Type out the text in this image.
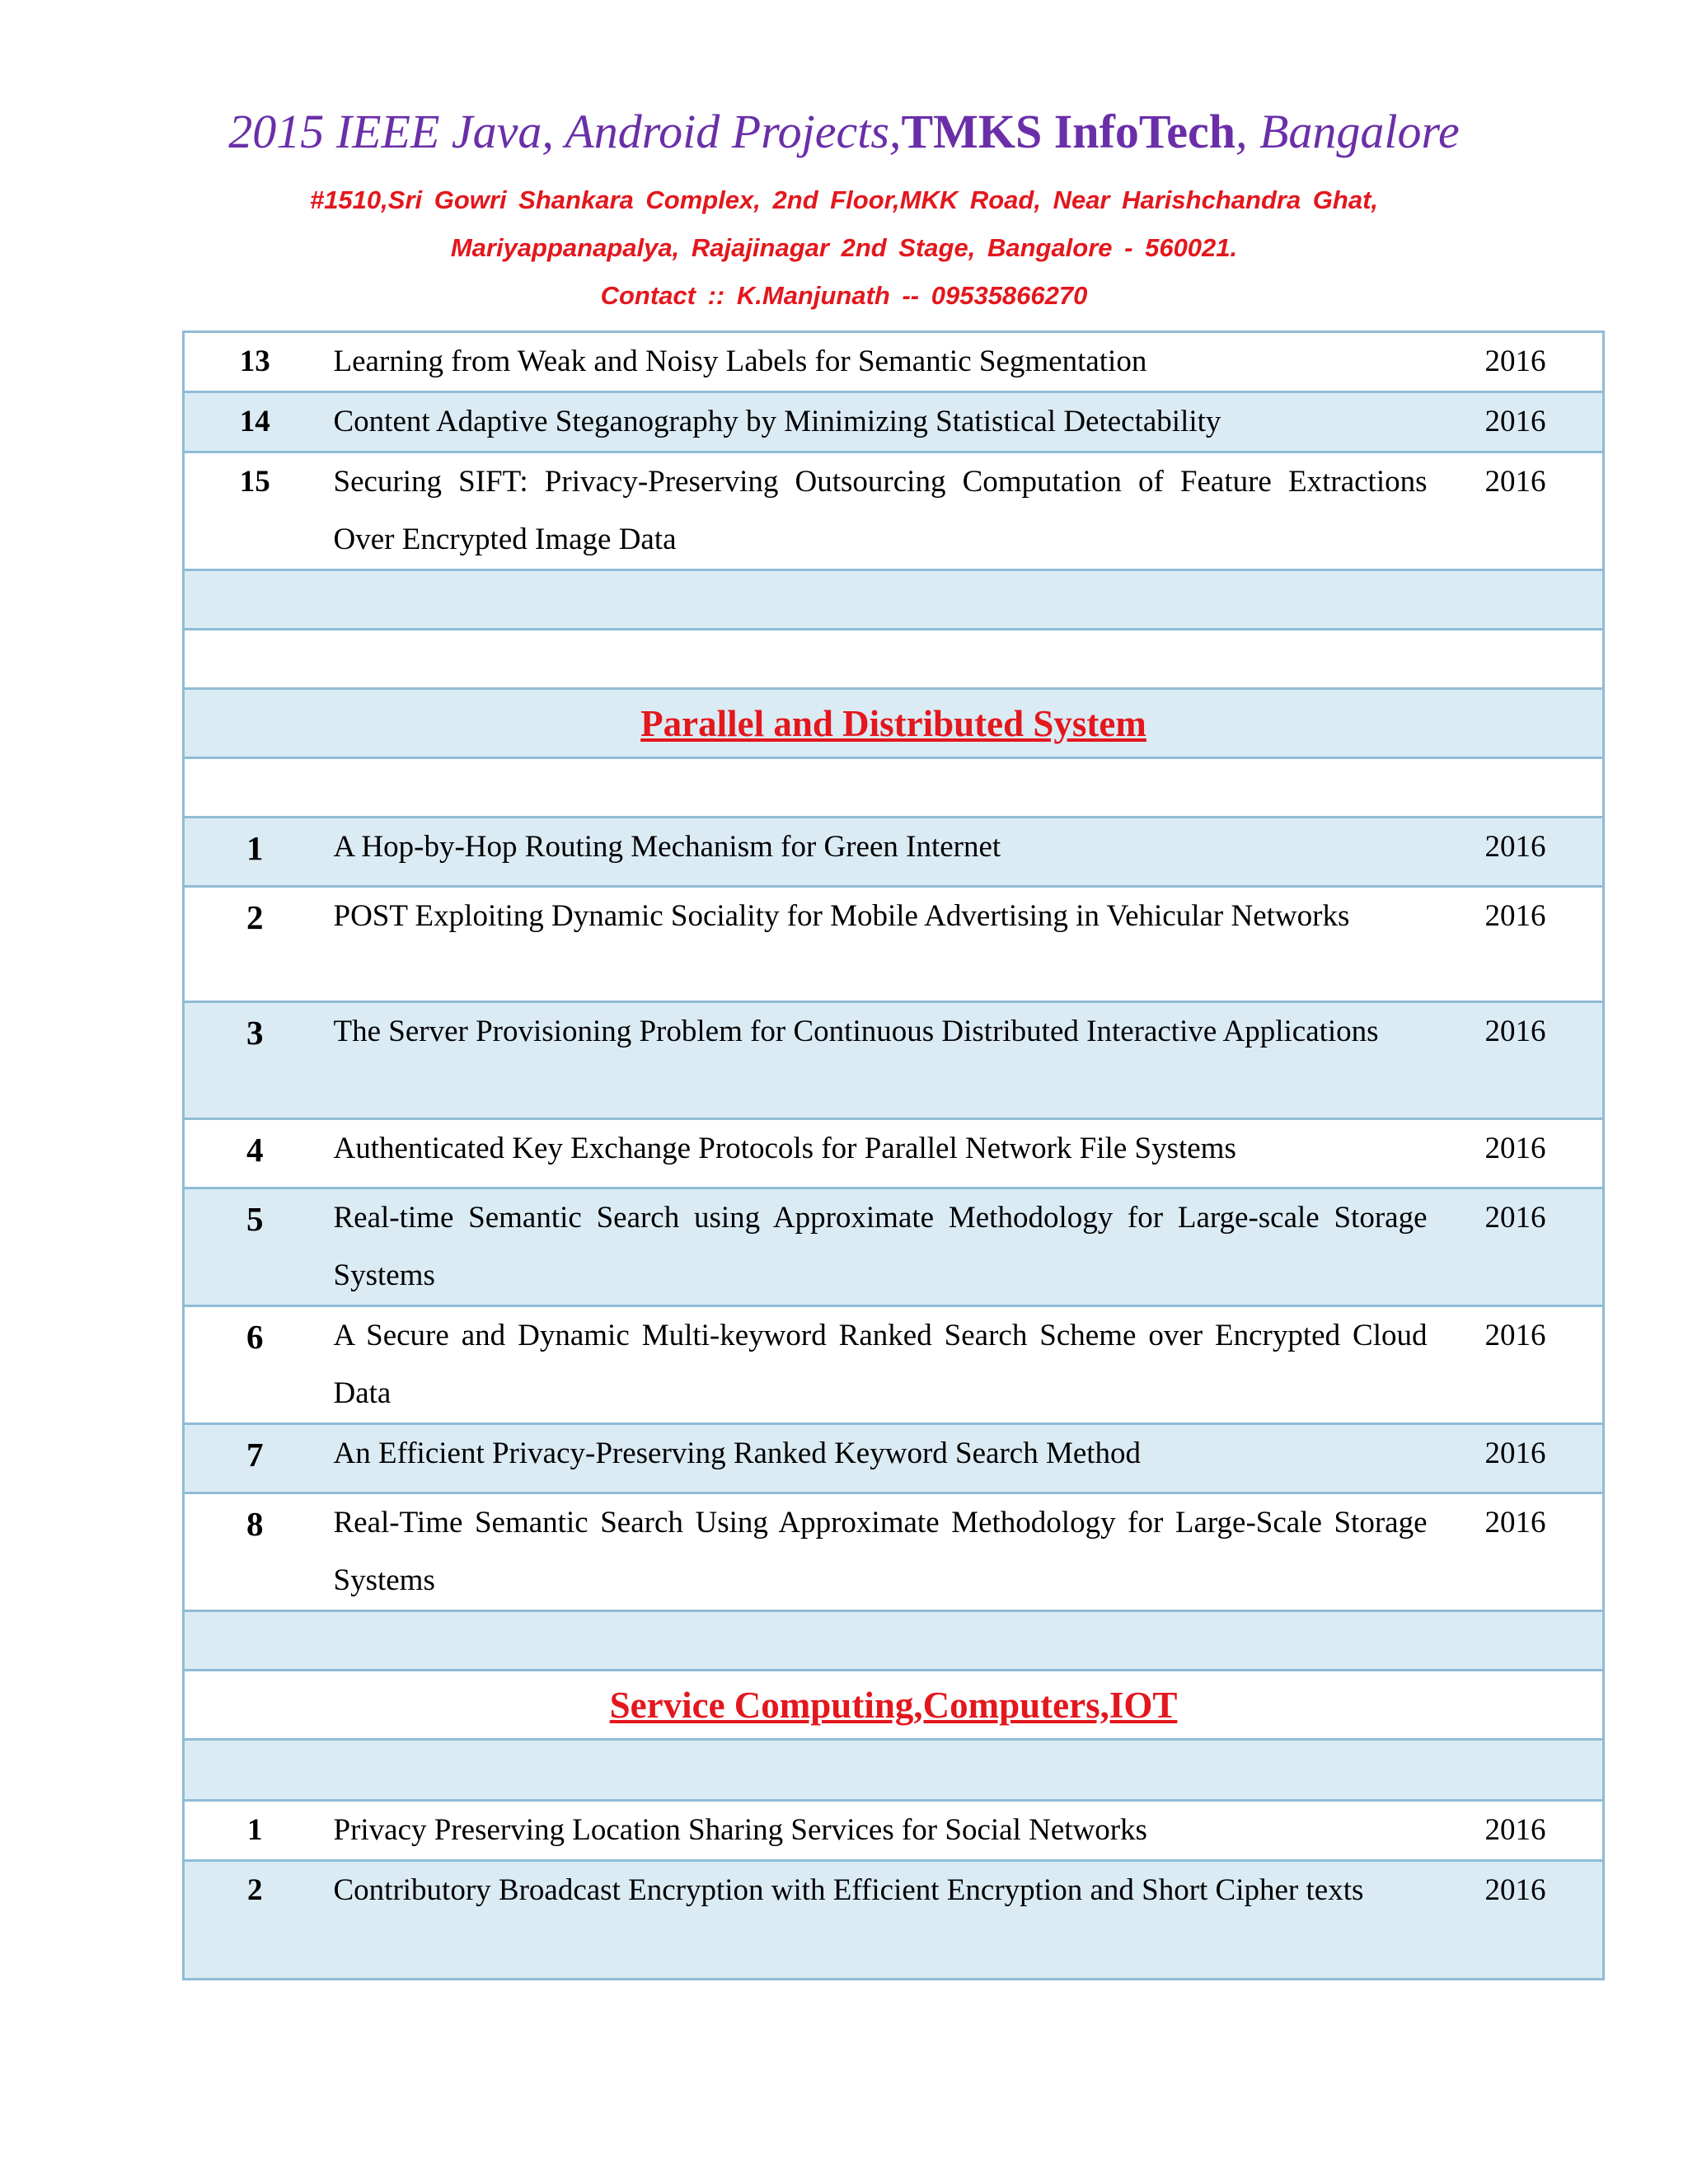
2015 IEEE Java, Android Projects,TMKS InfoTech, Bangalore
#1510,Sri Gowri Shankara Complex, 2nd Floor,MKK Road, Near Harishchandra Ghat,
Mariyappanapalya, Rajajinagar 2nd Stage, Bangalore - 560021.
Contact :: K.Manjunath -- 09535866270
13	Learning from Weak and Noisy Labels for Semantic Segmentation	2016
14	Content Adaptive Steganography by Minimizing Statistical Detectability	2016
15	Securing SIFT: Privacy-Preserving Outsourcing Computation of Feature Extractions Over Encrypted Image Data	2016

Parallel and Distributed System		

1	A Hop-by-Hop Routing Mechanism for Green Internet	2016
2	POST Exploiting Dynamic Sociality for Mobile Advertising in Vehicular Networks	2016
3	The Server Provisioning Problem for Continuous Distributed Interactive Applications	2016
4	Authenticated Key Exchange Protocols for Parallel Network File Systems	2016
5	Real-time Semantic Search using Approximate Methodology for Large-scale Storage Systems	2016
6	A Secure and Dynamic Multi-keyword Ranked Search Scheme over Encrypted Cloud Data	2016
7	An Efficient Privacy-Preserving Ranked Keyword Search Method	2016
8	Real-Time Semantic Search Using Approximate Methodology for Large-Scale Storage Systems	2016

Service Computing,Computers,IOT		

1	Privacy Preserving Location Sharing Services for Social Networks	2016
2	Contributory Broadcast Encryption with Efficient Encryption and Short Cipher texts	2016
